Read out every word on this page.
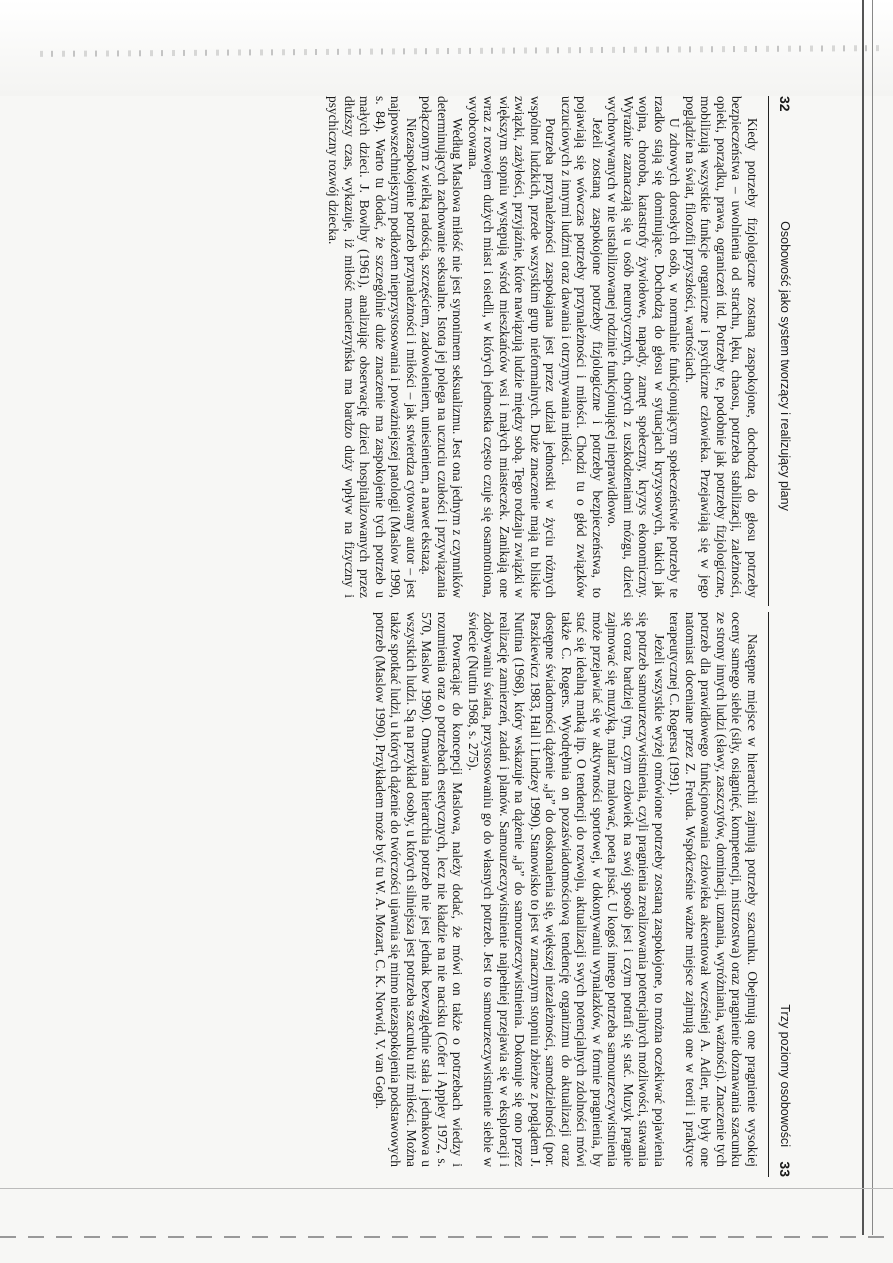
32
Osobowość jako system tworzący i realizujący plany

Kiedy potrzeby fizjologiczne zostaną zaspokojone, dochodzą do głosu potrzeby bezpieczeństwa – uwolnienia od strachu, lęku, chaosu, potrzeba stabilizacji, zależności, opieki, porządku, prawa, ograniczeń itd. Potrzeby te, podobnie jak potrzeby fizjologiczne, mobilizują wszystkie funkcje organiczne i psychiczne człowieka. Przejawiają się w jego poglądzie na świat, filozofii przyszłości, wartościach.

U zdrowych dorosłych osób, w normalnie funkcjonującym społeczeństwie potrzeby te rzadko stają się dominujące. Dochodzą do głosu w sytuacjach kryzysowych, takich jak wojna, choroba, katastrofy żywiołowe, napady, zamęt społeczny, kryzys ekonomiczny. Wyraźnie zaznaczają się u osób neurotycznych, chorych z uszkodzeniami mózgu, dzieci wychowywanych w nie ustabilizowanej rodzinie funkcjonującej nieprawidłowo.

Jeżeli zostaną zaspokojone potrzeby fizjologiczne i potrzeby bezpieczeństwa, to pojawiają się wówczas potrzeby przynależności i miłości. Chodzi tu o głód związków uczuciowych z innymi ludźmi oraz dawania i otrzymywania miłości.

Potrzeba przynależności zaspokajana jest przez udział jednostki w życiu różnych wspólnot ludzkich, przede wszystkim grup nieformalnych. Duże znaczenie mają tu bliskie związki, zażyłości, przyjaźnie, które nawiązują ludzie między sobą. Tego rodzaju związki w większym stopniu występują wśród mieszkańców wsi i małych miasteczek. Zanikają one wraz z rozwojem dużych miast i osiedli, w których jednostka często czuje się osamotniona, wyobcowana.

Według Maslowa miłość nie jest synonimem seksualizmu. Jest ona jednym z czynników determinujących zachowanie seksualne. Istota jej polega na uczuciu czułości i przywiązania połączonym z wielką radością, szczęściem, zadowoleniem, uniesieniem, a nawet ekstazą.

Niezaspokojenie potrzeb przynależności i miłości – jak stwierdza cytowany autor – jest najpowszechniejszym podłożem nieprzystosowania i poważniejszej patologii (Maslow 1990, s. 84). Warto tu dodać, że szczególnie duże znaczenie ma zaspokojenie tych potrzeb u małych dzieci. J. Bowlby (1961), analizując obserwację dzieci hospitalizowanych przez dłuższy czas, wykazuje, iż miłość macierzyńska ma bardzo duży wpływ na fizyczny i psychiczny rozwój dziecka.

Trzy poziomy osobowości
33

Następne miejsce w hierarchii zajmują potrzeby szacunku. Obejmują one pragnienie wysokiej oceny samego siebie (siły, osiągnięć, kompetencji, mistrzostwa) oraz pragnienie doznawania szacunku ze strony innych ludzi (sławy, zaszczytów, dominacji, uznania, wyróżniania, ważności). Znaczenie tych potrzeb dla prawidłowego funkcjonowania człowieka akcentował wcześniej A. Adler, nie były one natomiast doceniane przez Z. Freuda. Współcześnie ważne miejsce zajmują one w teorii i praktyce terapeutycznej C. Rogersa (1991).

Jeżeli wszystkie wyżej omówione potrzeby zostaną zaspokojone, to można oczekiwać pojawienia się potrzeb samourzeczywistnienia, czyli pragnienia zrealizowania potencjalnych możliwości, stawania się coraz bardziej tym, czym człowiek na swój sposób jest i czym potrafi się stać. Muzyk pragnie zajmować się muzyką, malarz malować, poeta pisać. U kogoś innego potrzeba samourzeczywistnienia może przejawiać się w aktywności sportowej, w dokonywaniu wynalazków, w formie pragnienia, by stać się idealną matką itp. O tendencji do rozwoju, aktualizacji swych potencjalnych zdolności mówi także C. Rogers. Wyodrębnia on pozaświadomościową tendencję organizmu do aktualizacji oraz dostępne świadomości dążenie „ja” do doskonalenia się, większej niezależności, samodzielności (por. Paszkiewicz 1983, Hall i Lindzey 1990). Stanowisko to jest w znacznym stopniu zbieżne z poglądem J. Nuttina (1968), który wskazuje na dążenie „ja” do samourzeczywistnienia. Dokonuje się ono przez realizację zamierzeń, zadań i planów. Samourzeczywistnienie najpełniej przejawia się w eksploracji i zdobywaniu świata, przystosowaniu go do własnych potrzeb. Jest to samourzeczywistnienie siebie w świecie (Nuttin 1968, s. 275).

Powracając do koncepcji Maslowa, należy dodać, że mówi on także o potrzebach wiedzy i rozumienia oraz o potrzebach estetycznych, lecz nie kładzie na nie nacisku (Cofer i Appley 1972, s. 570, Maslow 1990). Omawiana hierarchia potrzeb nie jest jednak bezwzględnie stała i jednakowa u wszystkich ludzi. Są na przykład osoby, u których silniejsza jest potrzeba szacunku niż miłości. Można także spotkać ludzi, u których dążenie do twórczości ujawnia się mimo niezaspokojenia podstawowych potrzeb (Maslow 1990). Przykładem może być tu W. A. Mozart, C. K. Norwid, V. van Gogh.
